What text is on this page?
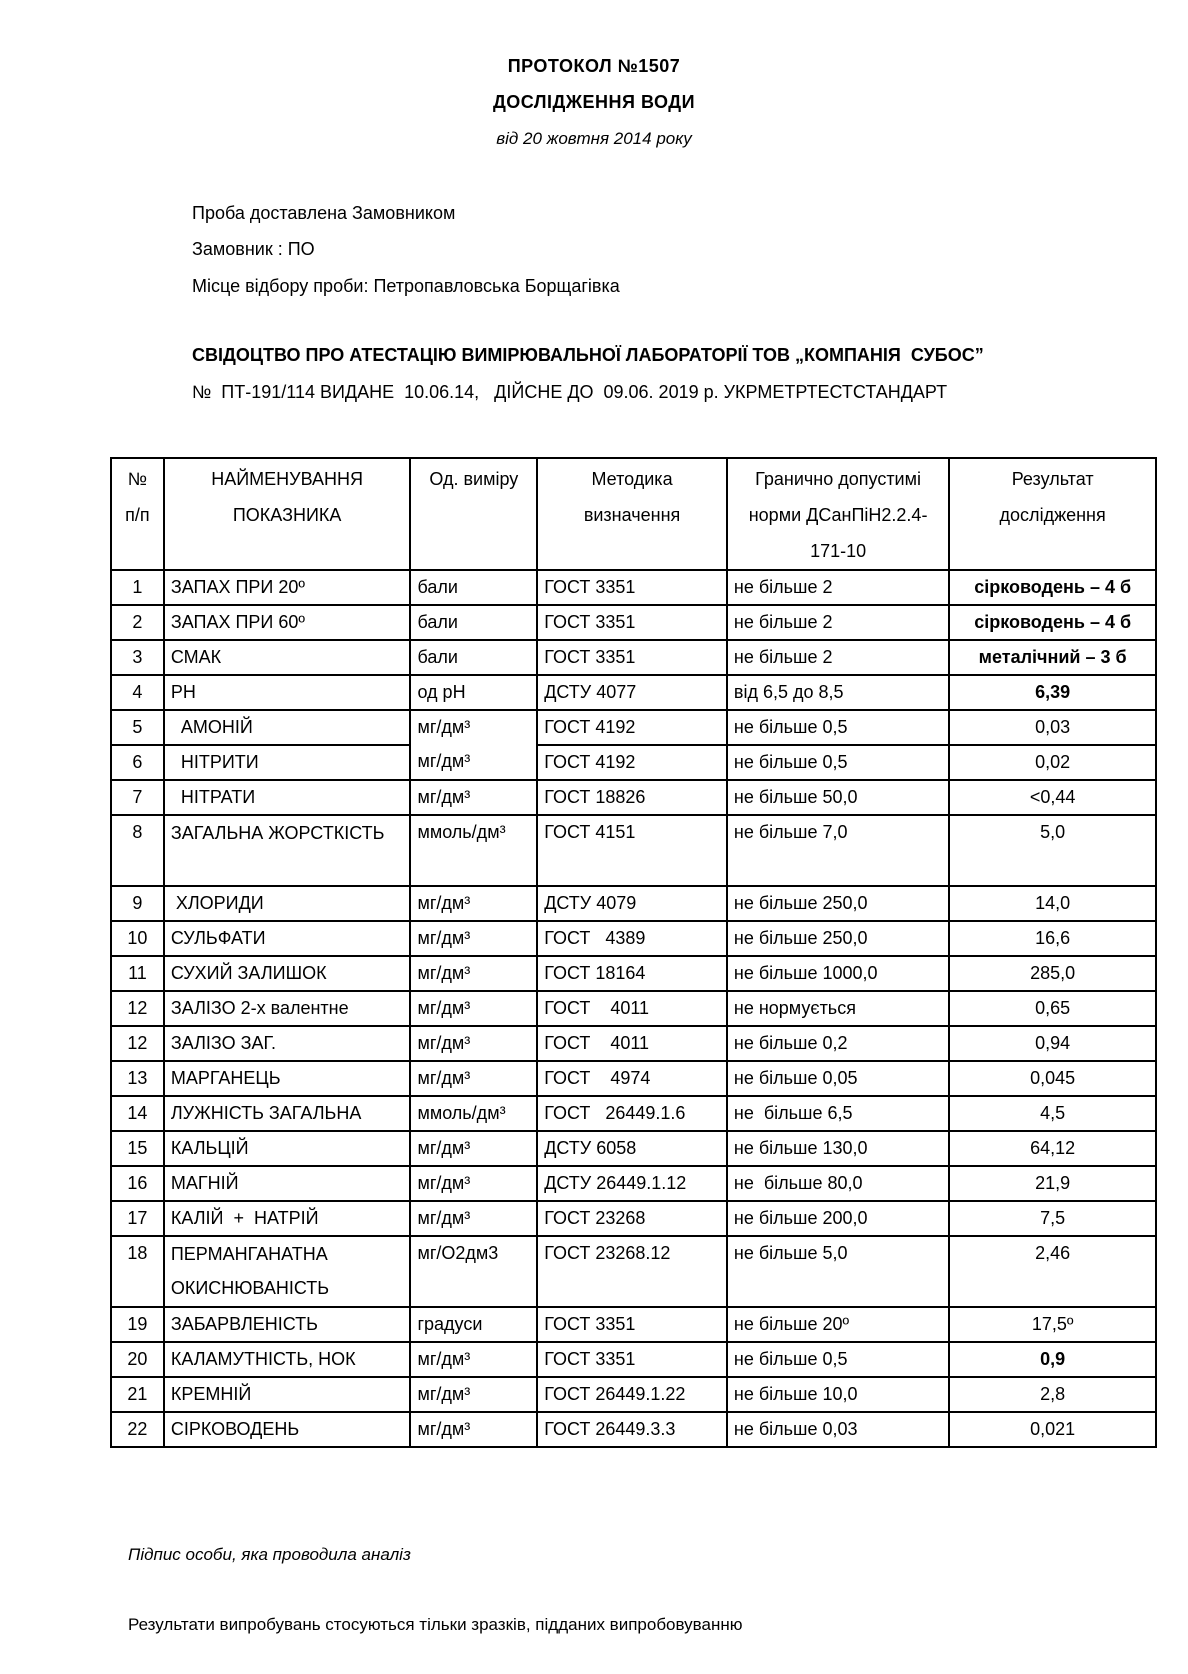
ПРОТОКОЛ №1507
ДОСЛІДЖЕННЯ ВОДИ
від 20 жовтня 2014 року
Проба доставлена Замовником
Замовник : ПО
Місце відбору проби: Петропавловська Борщагівка
СВІДОЦТВО ПРО АТЕСТАЦІЮ ВИМІРЮВАЛЬНОЇ ЛАБОРАТОРІЇ ТОВ „КОМПАНІЯ  СУБОС”
№  ПТ-191/114 ВИДАНЕ  10.06.14,   ДІЙСНЕ ДО  09.06. 2019 р. УКРМЕТРТЕСТСТАНДАРТ
№ п/п	НАЙМЕНУВАННЯ ПОКАЗНИКА	Од. виміру	Методика визначення	Гранично допустимі норми ДСанПіН2.2.4-171-10	Результат дослідження
1	ЗАПАХ ПРИ 20º	бали	ГОСТ 3351	не більше 2	сірководень – 4 б
2	ЗАПАХ ПРИ 60º	бали	ГОСТ 3351	не більше 2	сірководень – 4 б
3	СМАК	бали	ГОСТ 3351	не більше 2	металічний – 3 б
4	РН	од рН	ДСТУ 4077	від 6,5 до 8,5	6,39
5	АМОНІЙ	мг/дм³	ГОСТ 4192	не більше 0,5	0,03
6	НІТРИТИ	мг/дм³	ГОСТ 4192	не більше 0,5	0,02
7	НІТРАТИ	мг/дм³	ГОСТ 18826	не більше 50,0	<0,44
8	ЗАГАЛЬНА ЖОРСТКІСТЬ	ммоль/дм³	ГОСТ 4151	не більше 7,0	5,0
9	ХЛОРИДИ	мг/дм³	ДСТУ 4079	не більше 250,0	14,0
10	СУЛЬФАТИ	мг/дм³	ГОСТ   4389	не більше 250,0	16,6
11	СУХИЙ ЗАЛИШОК	мг/дм³	ГОСТ 18164	не більше 1000,0	285,0
12	ЗАЛІЗО 2-х валентне	мг/дм³	ГОСТ    4011	не нормується	0,65
12	ЗАЛІЗО ЗАГ.	мг/дм³	ГОСТ    4011	не більше 0,2	0,94
13	МАРГАНЕЦЬ	мг/дм³	ГОСТ    4974	не більше 0,05	0,045
14	ЛУЖНІСТЬ ЗАГАЛЬНА	ммоль/дм³	ГОСТ   26449.1.6	не  більше 6,5	4,5
15	КАЛЬЦІЙ	мг/дм³	ДСТУ 6058	не більше 130,0	64,12
16	МАГНІЙ	мг/дм³	ДСТУ 26449.1.12	не  більше 80,0	21,9
17	КАЛІЙ  +  НАТРІЙ	мг/дм³	ГОСТ 23268	не більше 200,0	7,5
18	ПЕРМАНГАНАТНА ОКИСНЮВАНІСТЬ	мг/О2дм3	ГОСТ 23268.12	не більше 5,0	2,46
19	ЗАБАРВЛЕНІСТЬ	градуси	ГОСТ 3351	не більше 20º	17,5º
20	КАЛАМУТНІСТЬ, НОК	мг/дм³	ГОСТ 3351	не більше 0,5	0,9
21	КРЕМНІЙ	мг/дм³	ГОСТ 26449.1.22	не більше 10,0	2,8
22	СІРКОВОДЕНЬ	мг/дм³	ГОСТ 26449.3.3	не більше 0,03	0,021
Підпис особи, яка проводила аналіз
Результати випробувань стосуються тільки зразків, підданих випробовуванню
